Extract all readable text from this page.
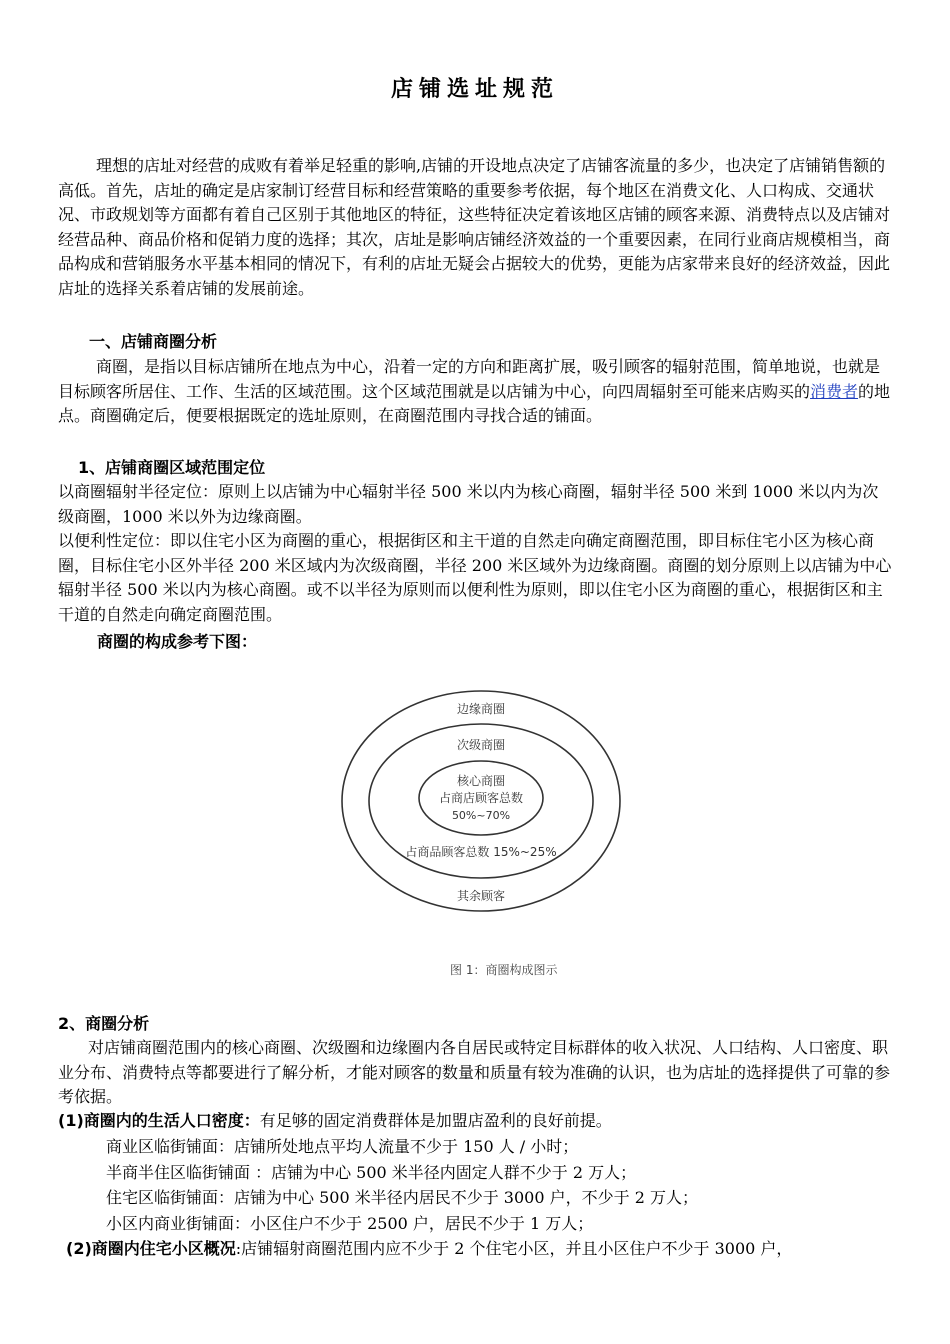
店铺选址规范

理想的店址对经营的成败有着举足轻重的影响,店铺的开设地点决定了店铺客流量的多少，也决定了店铺销售额的高低。首先，店址的确定是店家制订经营目标和经营策略的重要参考依据，每个地区在消费文化、人口构成、交通状况、市政规划等方面都有着自己区别于其他地区的特征，这些特征决定着该地区店铺的顾客来源、消费特点以及店铺对经营品种、商品价格和促销力度的选择；其次，店址是影响店铺经济效益的一个重要因素，在同行业商店规模相当，商品构成和营销服务水平基本相同的情况下，有利的店址无疑会占据较大的优势，更能为店家带来良好的经济效益，因此店址的选择关系着店铺的发展前途。

一、店铺商圈分析

商圈，是指以目标店铺所在地点为中心，沿着一定的方向和距离扩展，吸引顾客的辐射范围，简单地说，也就是目标顾客所居住、工作、生活的区域范围。这个区域范围就是以店铺为中心，向四周辐射至可能来店购买的消费者的地点。商圈确定后，便要根据既定的选址原则，在商圈范围内寻找合适的铺面。

1、店铺商圈区域范围定位

以商圈辐射半径定位：原则上以店铺为中心辐射半径 500 米以内为核心商圈，辐射半径 500 米到 1000 米以内为次级商圈，1000 米以外为边缘商圈。

以便利性定位：即以住宅小区为商圈的重心，根据街区和主干道的自然走向确定商圈范围，即目标住宅小区为核心商圈，目标住宅小区外半径 200 米区域内为次级商圈，半径 200 米区域外为边缘商圈。商圈的划分原则上以店铺为中心辐射半径 500 米以内为核心商圈。或不以半径为原则而以便利性为原则，即以住宅小区为商圈的重心，根据街区和主干道的自然走向确定商圈范围。

商圈的构成参考下图：
边缘商圈
次级商圈
核心商圈
占商店顾客总数
50%~70%
占商品顾客总数 15%~25%
其余顾客
图 1：商圈构成图示
2、商圈分析

对店铺商圈范围内的核心商圈、次级圈和边缘圈内各自居民或特定目标群体的收入状况、人口结构、人口密度、职业分布、消费特点等都要进行了解分析，才能对顾客的数量和质量有较为准确的认识，也为店址的选择提供了可靠的参考依据。

(1)商圈内的生活人口密度：有足够的固定消费群体是加盟店盈利的良好前提。
商业区临街铺面：店铺所处地点平均人流量不少于 150 人 / 小时；
半商半住区临街铺面 ：店铺为中心 500 米半径内固定人群不少于 2 万人；
住宅区临街铺面：店铺为中心 500 米半径内居民不少于 3000 户，不少于 2 万人；
小区内商业街铺面：小区住户不少于 2500 户，居民不少于 1 万人；
(2)商圈内住宅小区概况:店铺辐射商圈范围内应不少于 2 个住宅小区，并且小区住户不少于 3000 户，
